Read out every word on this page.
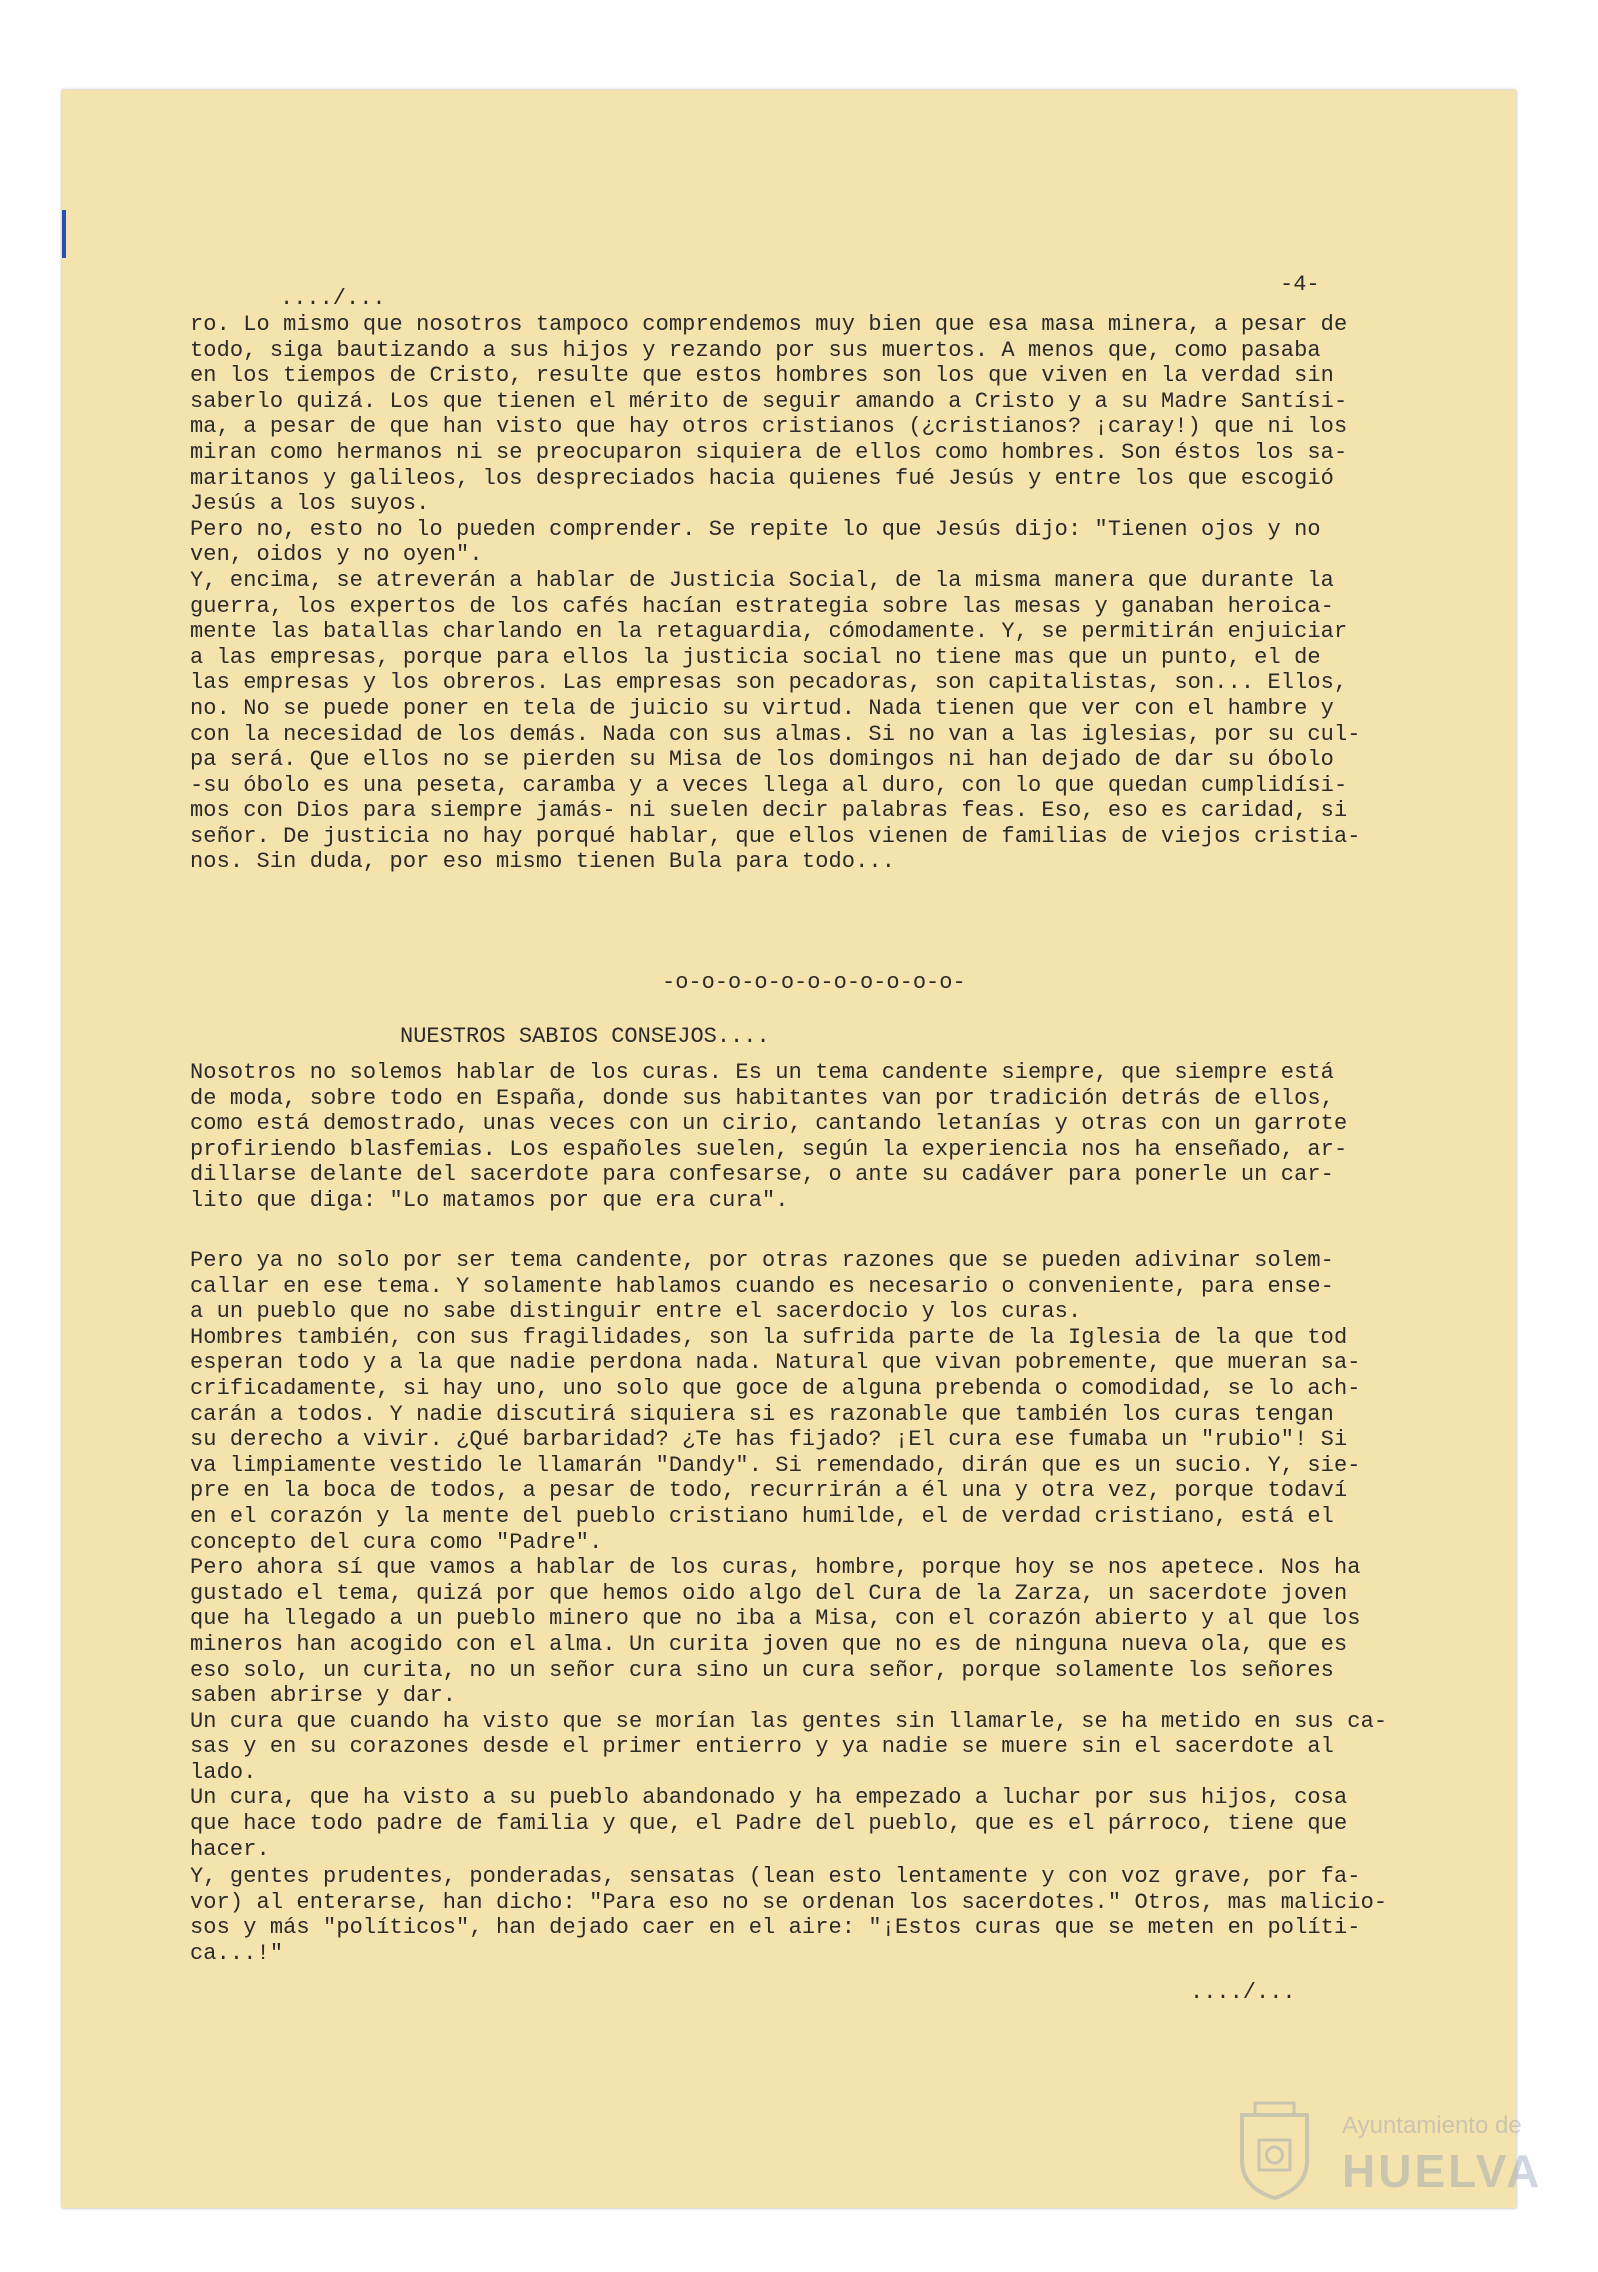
..../...
-4-
ro. Lo mismo que nosotros tampoco comprendemos muy bien que esa masa minera, a pesar de
todo, siga bautizando a sus hijos y rezando por sus muertos. A menos que, como pasaba
en los tiempos de Cristo, resulte que estos hombres son los que viven en la verdad sin
saberlo quizá. Los que tienen el mérito de seguir amando a Cristo y a su Madre Santísi-
ma, a pesar de que han visto que hay otros cristianos (¿cristianos? ¡caray!) que ni los
miran como hermanos ni se preocuparon siquiera de ellos como hombres. Son éstos los sa-
maritanos y galileos, los despreciados hacia quienes fué Jesús y entre los que escogió
Jesús a los suyos.
Pero no, esto no lo pueden comprender. Se repite lo que Jesús dijo: "Tienen ojos y no
ven, oidos y no oyen".
Y, encima, se atreverán a hablar de Justicia Social, de la misma manera que durante la
guerra, los expertos de los cafés hacían estrategia sobre las mesas y ganaban heroica-
mente las batallas charlando en la retaguardia, cómodamente. Y, se permitirán enjuiciar
a las empresas, porque para ellos la justicia social no tiene mas que un punto, el de
las empresas y los obreros. Las empresas son pecadoras, son capitalistas, son... Ellos,
no. No se puede poner en tela de juicio su virtud. Nada tienen que ver con el hambre y
con la necesidad de los demás. Nada con sus almas. Si no van a las iglesias, por su cul-
pa será. Que ellos no se pierden su Misa de los domingos ni han dejado de dar su óbolo
-su óbolo es una peseta, caramba y a veces llega al duro, con lo que quedan cumplidísi-
mos con Dios para siempre jamás- ni suelen decir palabras feas. Eso, eso es caridad, si
señor. De justicia no hay porqué hablar, que ellos vienen de familias de viejos cristia-
nos. Sin duda, por eso mismo tienen Bula para todo...
-o-o-o-o-o-o-o-o-o-o-o-
NUESTROS SABIOS CONSEJOS....
Nosotros no solemos hablar de los curas. Es un tema candente siempre, que siempre está
de moda, sobre todo en España, donde sus habitantes van por tradición detrás de ellos,
como está demostrado, unas veces con un cirio, cantando letanías y otras con un garrote
profiriendo blasfemias. Los españoles suelen, según la experiencia nos ha enseñado, ar-
dillarse delante del sacerdote para confesarse, o ante su cadáver para ponerle un car-
lito que diga: "Lo matamos por que era cura".
Pero ya no solo por ser tema candente, por otras razones que se pueden adivinar solem-
callar en ese tema. Y solamente hablamos cuando es necesario o conveniente, para ense-
a un pueblo que no sabe distinguir entre el sacerdocio y los curas.
Hombres también, con sus fragilidades, son la sufrida parte de la Iglesia de la que tod
esperan todo y a la que nadie perdona nada. Natural que vivan pobremente, que mueran sa-
crificadamente, si hay uno, uno solo que goce de alguna prebenda o comodidad, se lo ach-
carán a todos. Y nadie discutirá siquiera si es razonable que también los curas tengan
su derecho a vivir. ¿Qué barbaridad? ¿Te has fijado? ¡El cura ese fumaba un "rubio"! Si
va limpiamente vestido le llamarán "Dandy". Si remendado, dirán que es un sucio. Y, sie-
pre en la boca de todos, a pesar de todo, recurrirán a él una y otra vez, porque todaví
en el corazón y la mente del pueblo cristiano humilde, el de verdad cristiano, está el
concepto del cura como "Padre".
Pero ahora sí que vamos a hablar de los curas, hombre, porque hoy se nos apetece. Nos ha
gustado el tema, quizá por que hemos oido algo del Cura de la Zarza, un sacerdote joven
que ha llegado a un pueblo minero que no iba a Misa, con el corazón abierto y al que los
mineros han acogido con el alma. Un curita joven que no es de ninguna nueva ola, que es
eso solo, un curita, no un señor cura sino un cura señor, porque solamente los señores
saben abrirse y dar.
Un cura que cuando ha visto que se morían las gentes sin llamarle, se ha metido en sus ca-
sas y en su corazones desde el primer entierro y ya nadie se muere sin el sacerdote al
lado.
Un cura, que ha visto a su pueblo abandonado y ha empezado a luchar por sus hijos, cosa
que hace todo padre de familia y que, el Padre del pueblo, que es el párroco, tiene que
hacer.
Y, gentes prudentes, ponderadas, sensatas (lean esto lentamente y con voz grave, por fa-
vor) al enterarse, han dicho: "Para eso no se ordenan los sacerdotes." Otros, mas malicio-
sos y más "políticos", han dejado caer en el aire: "¡Estos curas que se meten en políti-
ca...!"
..../...
Ayuntamiento de
HUELVA
